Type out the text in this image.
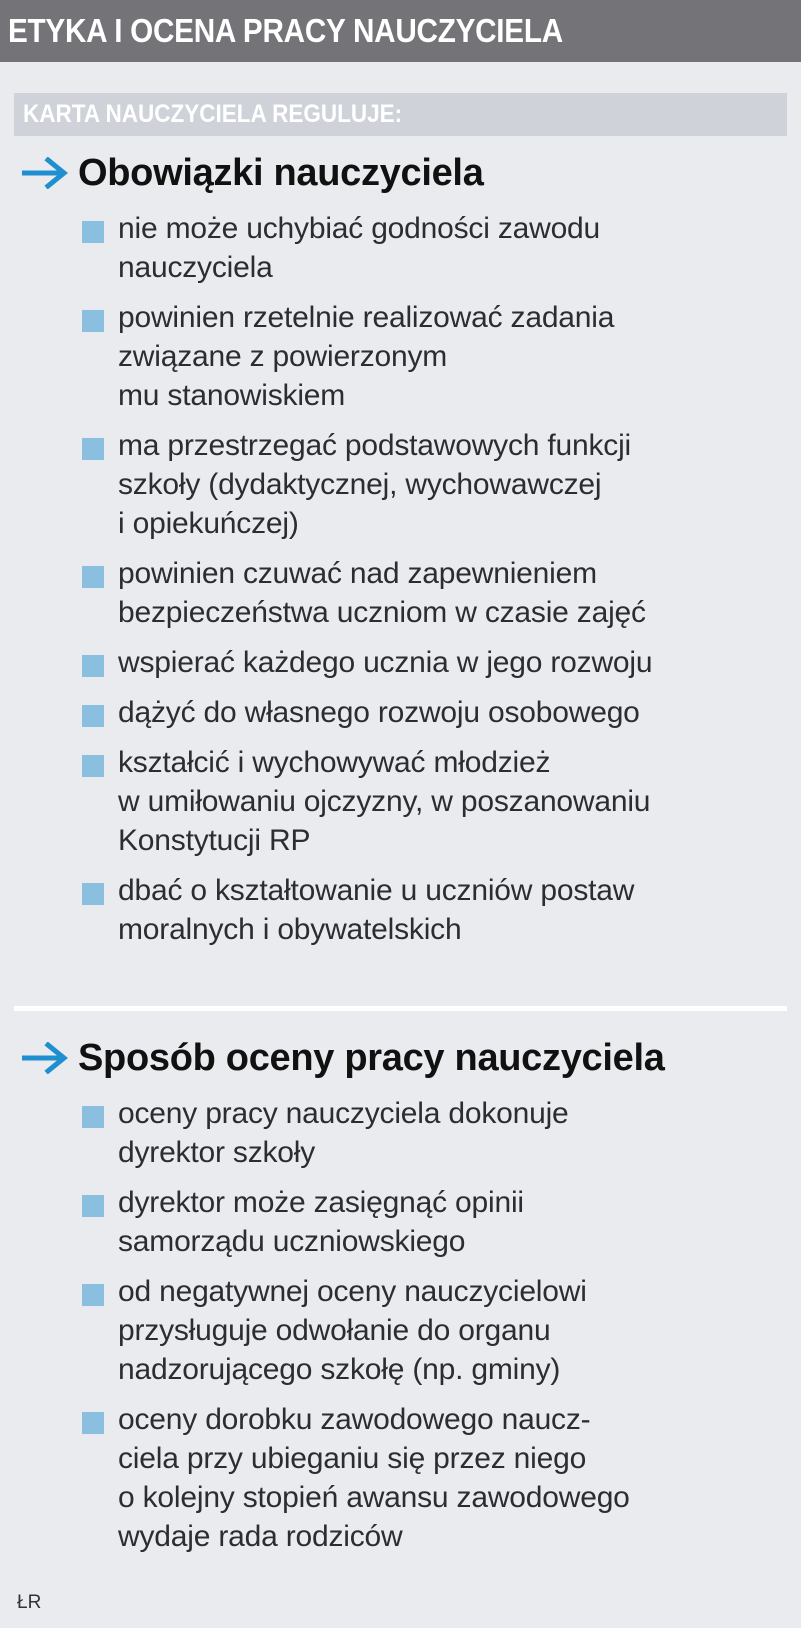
ETYKA I OCENA PRACY NAUCZYCIELA
KARTA NAUCZYCIELA REGULUJE:
Obowiązki nauczyciela
nie może uchybiać godności zawodu
nauczyciela
powinien rzetelnie realizować zadania
związane z powierzonym
mu stanowiskiem
ma przestrzegać podstawowych funkcji
szkoły (dydaktycznej, wychowawczej
i opiekuńczej)
powinien czuwać nad zapewnieniem
bezpieczeństwa uczniom w czasie zajęć
wspierać każdego ucznia w jego rozwoju
dążyć do własnego rozwoju osobowego
kształcić i wychowywać młodzież
w umiłowaniu ojczyzny, w poszanowaniu
Konstytucji RP
dbać o kształtowanie u uczniów postaw
moralnych i obywatelskich
Sposób oceny pracy nauczyciela
oceny pracy nauczyciela dokonuje
dyrektor szkoły
dyrektor może zasięgnąć opinii
samorządu uczniowskiego
od negatywnej oceny nauczycielowi
przysługuje odwołanie do organu
nadzorującego szkołę (np. gminy)
oceny dorobku zawodowego naucz-
ciela przy ubieganiu się przez niego
o kolejny stopień awansu zawodowego
wydaje rada rodziców
ŁR
